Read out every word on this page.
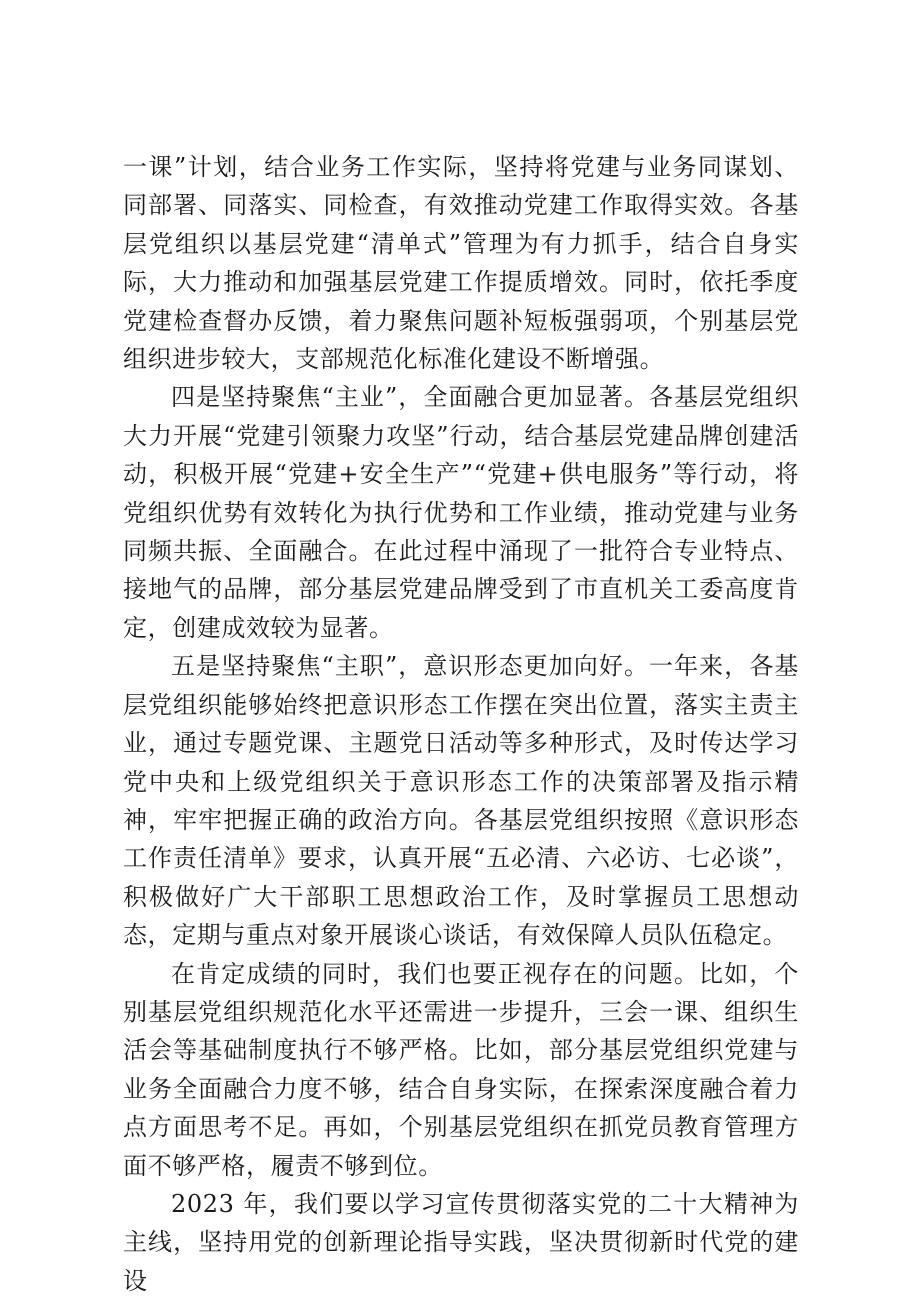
一课”计划，结合业务工作实际，坚持将党建与业务同谋划、同部署、同落实、同检查，有效推动党建工作取得实效。各基层党组织以基层党建“清单式”管理为有力抓手，结合自身实际，大力推动和加强基层党建工作提质增效。同时，依托季度党建检查督办反馈，着力聚焦问题补短板强弱项，个别基层党组织进步较大，支部规范化标准化建设不断增强。

四是坚持聚焦“主业”，全面融合更加显著。各基层党组织大力开展“党建引领聚力攻坚”行动，结合基层党建品牌创建活动，积极开展“党建+安全生产”“党建+供电服务”等行动，将党组织优势有效转化为执行优势和工作业绩，推动党建与业务同频共振、全面融合。在此过程中涌现了一批符合专业特点、接地气的品牌，部分基层党建品牌受到了市直机关工委高度肯定，创建成效较为显著。

五是坚持聚焦“主职”，意识形态更加向好。一年来，各基层党组织能够始终把意识形态工作摆在突出位置，落实主责主业，通过专题党课、主题党日活动等多种形式，及时传达学习党中央和上级党组织关于意识形态工作的决策部署及指示精神，牢牢把握正确的政治方向。各基层党组织按照《意识形态工作责任清单》要求，认真开展“五必清、六必访、七必谈”，积极做好广大干部职工思想政治工作，及时掌握员工思想动态，定期与重点对象开展谈心谈话，有效保障人员队伍稳定。

在肯定成绩的同时，我们也要正视存在的问题。比如，个别基层党组织规范化水平还需进一步提升，三会一课、组织生活会等基础制度执行不够严格。比如，部分基层党组织党建与业务全面融合力度不够，结合自身实际，在探索深度融合着力点方面思考不足。再如，个别基层党组织在抓党员教育管理方面不够严格，履责不够到位。

2023 年，我们要以学习宣传贯彻落实党的二十大精神为主线，坚持用党的创新理论指导实践，坚决贯彻新时代党的建设
